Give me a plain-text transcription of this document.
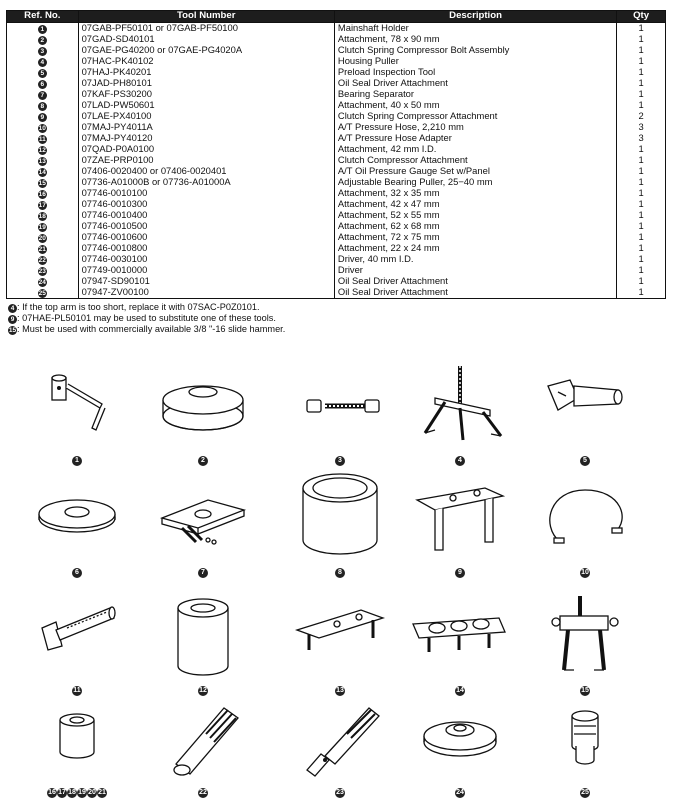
Ref. No.	Tool Number	Description	Qty
1	07GAB-PF50101 or 07GAB-PF50100	Mainshaft Holder	1
2	07GAD-SD40101	Attachment, 78 x 90 mm	1
3	07GAE-PG40200 or 07GAE-PG4020A	Clutch Spring Compressor Bolt Assembly	1
4	07HAC-PK40102	Housing Puller	1
5	07HAJ-PK40201	Preload Inspection Tool	1
6	07JAD-PH80101	Oil Seal Driver Attachment	1
7	07KAF-PS30200	Bearing Separator	1
8	07LAD-PW50601	Attachment, 40 x 50 mm	1
9	07LAE-PX40100	Clutch Spring Compressor Attachment	2
10	07MAJ-PY4011A	A/T Pressure Hose, 2,210 mm	3
11	07MAJ-PY40120	A/T Pressure Hose Adapter	3
12	07QAD-P0A0100	Attachment, 42 mm I.D.	1
13	07ZAE-PRP0100	Clutch Compressor Attachment	1
14	07406-0020400 or 07406-0020401	A/T Oil Pressure Gauge Set w/Panel	1
15	07736-A01000B or 07736-A01000A	Adjustable Bearing Puller, 25−40 mm	1
16	07746-0010100	Attachment, 32 x 35 mm	1
17	07746-0010300	Attachment, 42 x 47 mm	1
18	07746-0010400	Attachment, 52 x 55 mm	1
19	07746-0010500	Attachment, 62 x 68 mm	1
20	07746-0010600	Attachment, 72 x 75 mm	1
21	07746-0010800	Attachment, 22 x 24 mm	1
22	07746-0030100	Driver, 40 mm I.D.	1
23	07749-0010000	Driver	1
24	07947-SD90101	Oil Seal Driver Attachment	1
25	07947-ZV00100	Oil Seal Driver Attachment	1
4 : If the top arm is too short, replace it with 07SAC-P0Z0101.
9 : 07HAE-PL50101 may be used to substitute one of these tools.
15: Must be used with commercially available 3/8 "-16 slide hammer.
1	2	3	4	5
6	7	8	9	10
11	12	13	14	15
16 17 18 19 20 21	22	23	24	25
